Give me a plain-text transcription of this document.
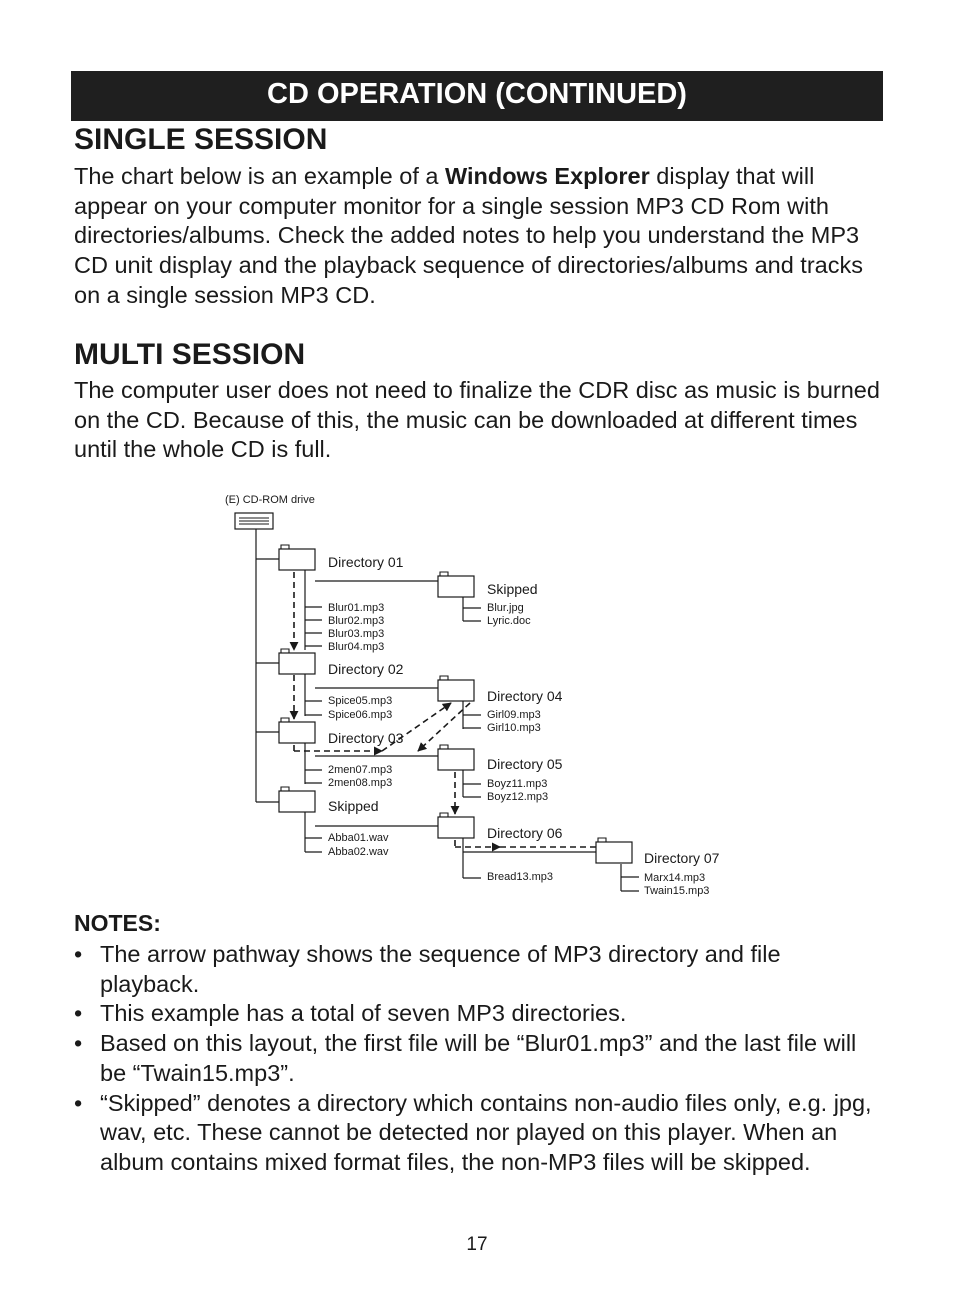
CD OPERATION (CONTINUED)
SINGLE SESSION

The chart below is an example of a Windows Explorer display that will appear on your computer monitor for a single session MP3 CD Rom with directories/albums. Check the added notes to help you understand the MP3 CD unit display and the playback sequence of directories/albums and tracks on a single session MP3 CD.

MULTI SESSION

The computer user does not need to finalize the CDR disc as music is burned on the CD. Because of this, the music can be downloaded at different times until the whole CD is full.

(E) CD-ROM drive
Directory 01
Skipped
Directory 02
Directory 04
Directory 03
Directory 05
Skipped
Directory 06
Directory 07
Blur01.mp3
Blur02.mp3
Blur03.mp3
Blur04.mp3
Blur.jpg
Lyric.doc
Spice05.mp3
Spice06.mp3	Girl09.mp3
Girl10.mp3
2men07.mp3
2men08.mp3	Boyz11.mp3
Boyz12.mp3
Abba01.wav
Abba02.wav
Bread13.mp3	Marx14.mp3
Twain15.mp3
NOTES:
• The arrow pathway shows the sequence of MP3 directory and file playback.
• This example has a total of seven MP3 directories.
• Based on this layout, the first file will be “Blur01.mp3” and the last file will be “Twain15.mp3”.
• “Skipped” denotes a directory which contains non-audio files only, e.g. jpg, wav, etc. These cannot be detected nor played on this player. When an album contains mixed format files, the non-MP3 files will be skipped.
17
